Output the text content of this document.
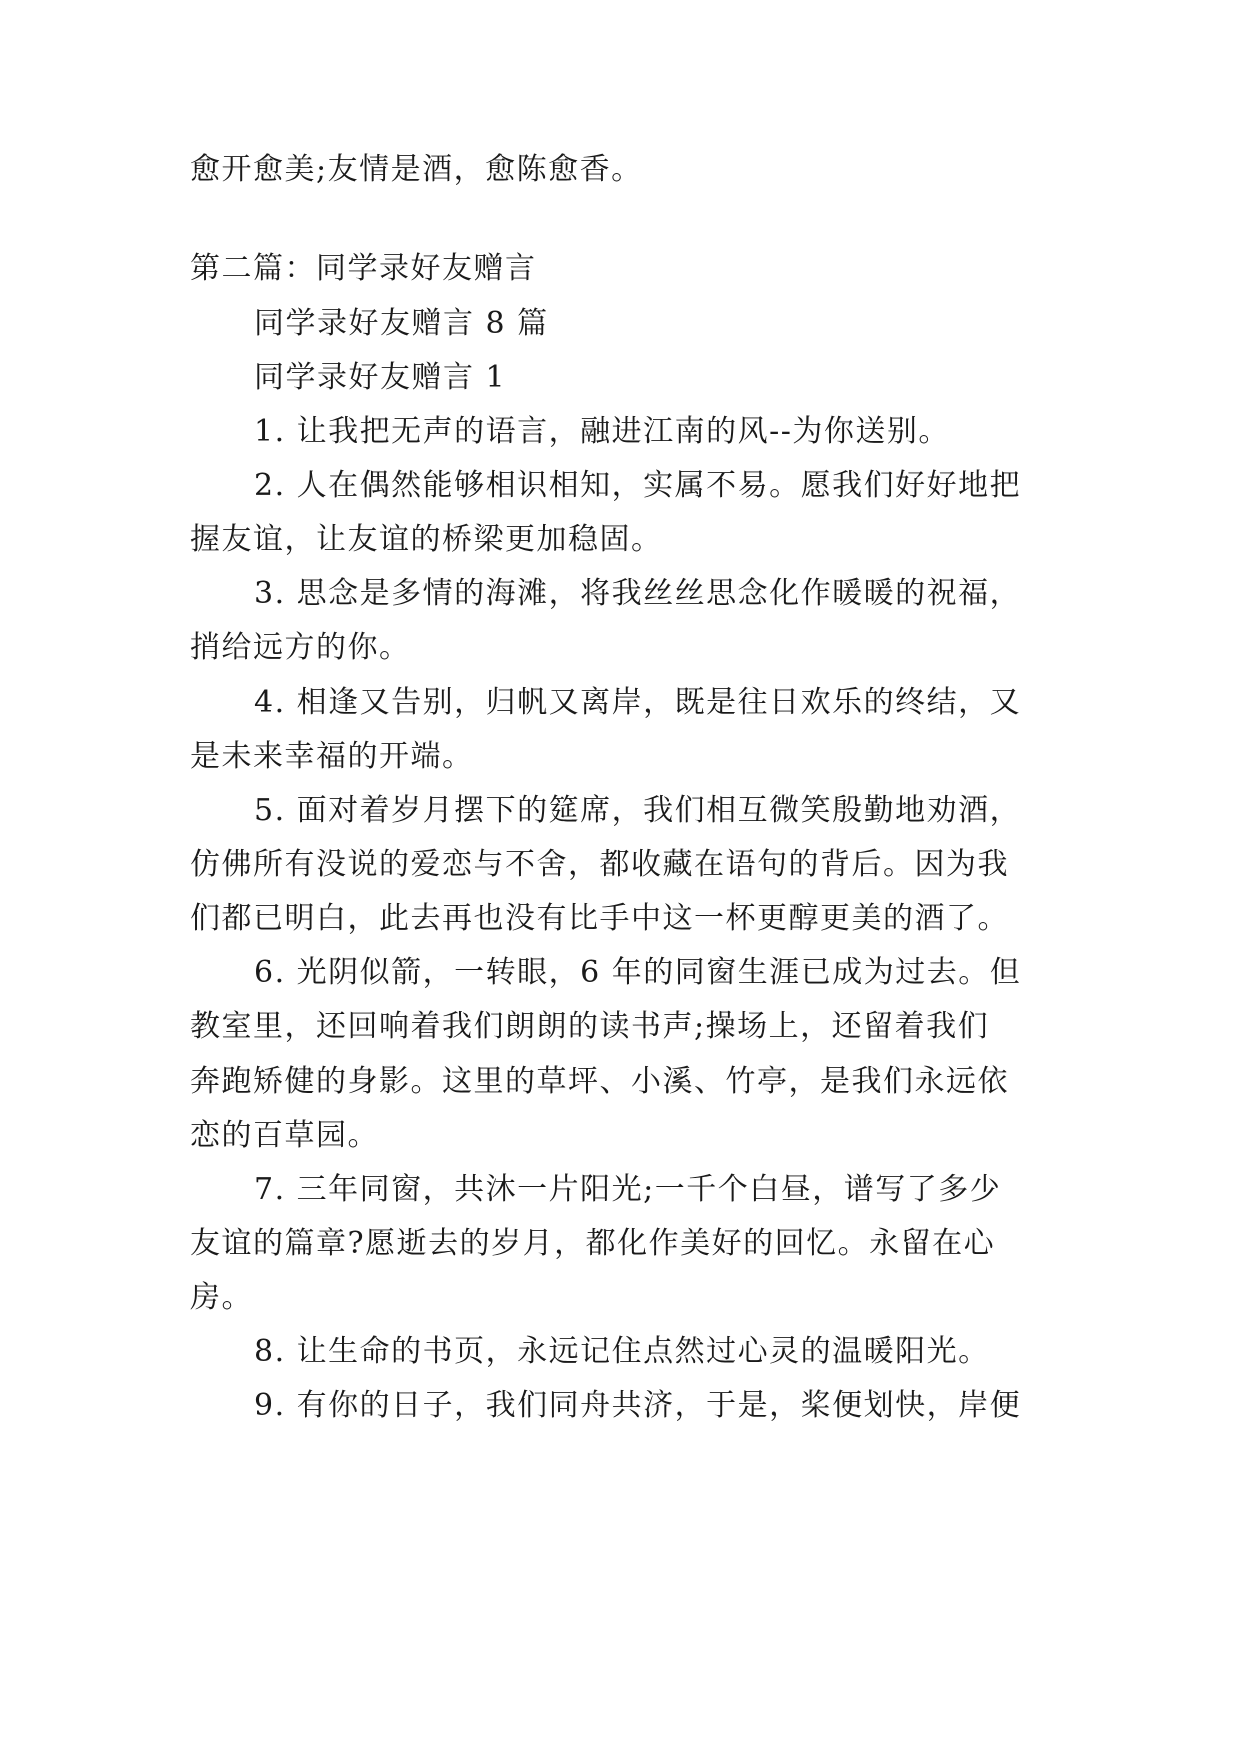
愈开愈美;友情是酒，愈陈愈香。
第二篇：同学录好友赠言
同学录好友赠言 8 篇
同学录好友赠言 1
1. 让我把无声的语言，融进江南的风--为你送别。
2. 人在偶然能够相识相知，实属不易。愿我们好好地把
握友谊，让友谊的桥梁更加稳固。
3. 思念是多情的海滩，将我丝丝思念化作暖暖的祝福，
捎给远方的你。
4. 相逢又告别，归帆又离岸，既是往日欢乐的终结，又
是未来幸福的开端。
5. 面对着岁月摆下的筵席，我们相互微笑殷勤地劝酒，
仿佛所有没说的爱恋与不舍，都收藏在语句的背后。因为我
们都已明白，此去再也没有比手中这一杯更醇更美的酒了。
6. 光阴似箭，一转眼，6 年的同窗生涯已成为过去。但
教室里，还回响着我们朗朗的读书声;操场上，还留着我们
奔跑矫健的身影。这里的草坪、小溪、竹亭，是我们永远依
恋的百草园。
7. 三年同窗，共沐一片阳光;一千个白昼，谱写了多少
友谊的篇章?愿逝去的岁月，都化作美好的回忆。永留在心
房。
8. 让生命的书页，永远记住点然过心灵的温暖阳光。
9. 有你的日子，我们同舟共济，于是，桨便划快，岸便
